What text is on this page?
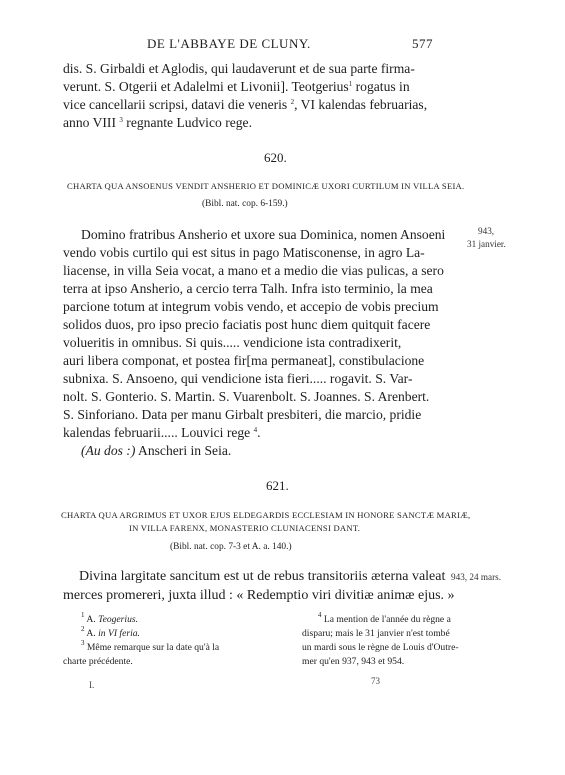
DE L'ABBAYE DE CLUNY.	577
dis. S. Girbaldi et Aglodis, qui laudaverunt et de sua parte firma-
verunt. S. Otgerii et Adalelmi et Livonii]. Teotgerius$^1$ rogatus in
vice cancellarii scripsi, datavi die veneris $^2$, VI kalendas februarias,
anno VIII $^3$ regnante Ludvico rege.
620.
CHARTA QUA ANSOENUS VENDIT ANSHERIO ET DOMINICÆ UXORI CURTILUM IN VILLA SEIA.
(Bibl. nat. cop. 6-159.)
943,
31 janvier.
Domino fratribus Ansherio et uxore sua Dominica, nomen Ansoeni
vendo vobis curtilo qui est situs in pago Matisconense, in agro La-
liacense, in villa Seia vocat, a mano et a medio die vias pulicas, a sero
terra at ipso Ansherio, a cercio terra Talh. Infra isto terminio, la mea
parcione totum at integrum vobis vendo, et accepio de vobis precium
solidos duos, pro ipso precio faciatis post hunc diem quitquit facere
volueritis in omnibus. Si quis..... vendicione ista contradixerit,
auri libera componat, et postea fir[ma permaneat], constibulacione
subnixa. S. Ansoeno, qui vendicione ista fieri..... rogavit. S. Var-
nolt. S. Gonterio. S. Martin. S. Vuarenbolt. S. Joannes. S. Arenbert.
S. Sinforiano. Data per manu Girbalt presbiteri, die marcio, pridie
kalendas februarii..... Louvici rege $^4$.
(Au dos :) Anscheri in Seia.
621.
CHARTA QUA ARGRIMUS ET UXOR EJUS ELDEGARDIS ECCLESIAM IN HONORE SANCTÆ MARIÆ,
IN VILLA FARENX, MONASTERIO CLUNIACENSI DANT.
(Bibl. nat. cop. 7-3 et A. a. 140.)
943, 24 mars.
Divina largitate sancitum est ut de rebus transitoriis æterna valeat
merces promereri, juxta illud : « Redemptio viri divitiæ animæ ejus. »
$^1$ A. Teogerius.
$^2$ A. in VI feria.
$^3$ Même remarque sur la date qu'à la
charte précédente.
$^4$ La mention de l'année du règne a
disparu; mais le 31 janvier n'est tombé
un mardi sous le règne de Louis d'Outre-
mer qu'en 937, 943 et 954.
I.	73
